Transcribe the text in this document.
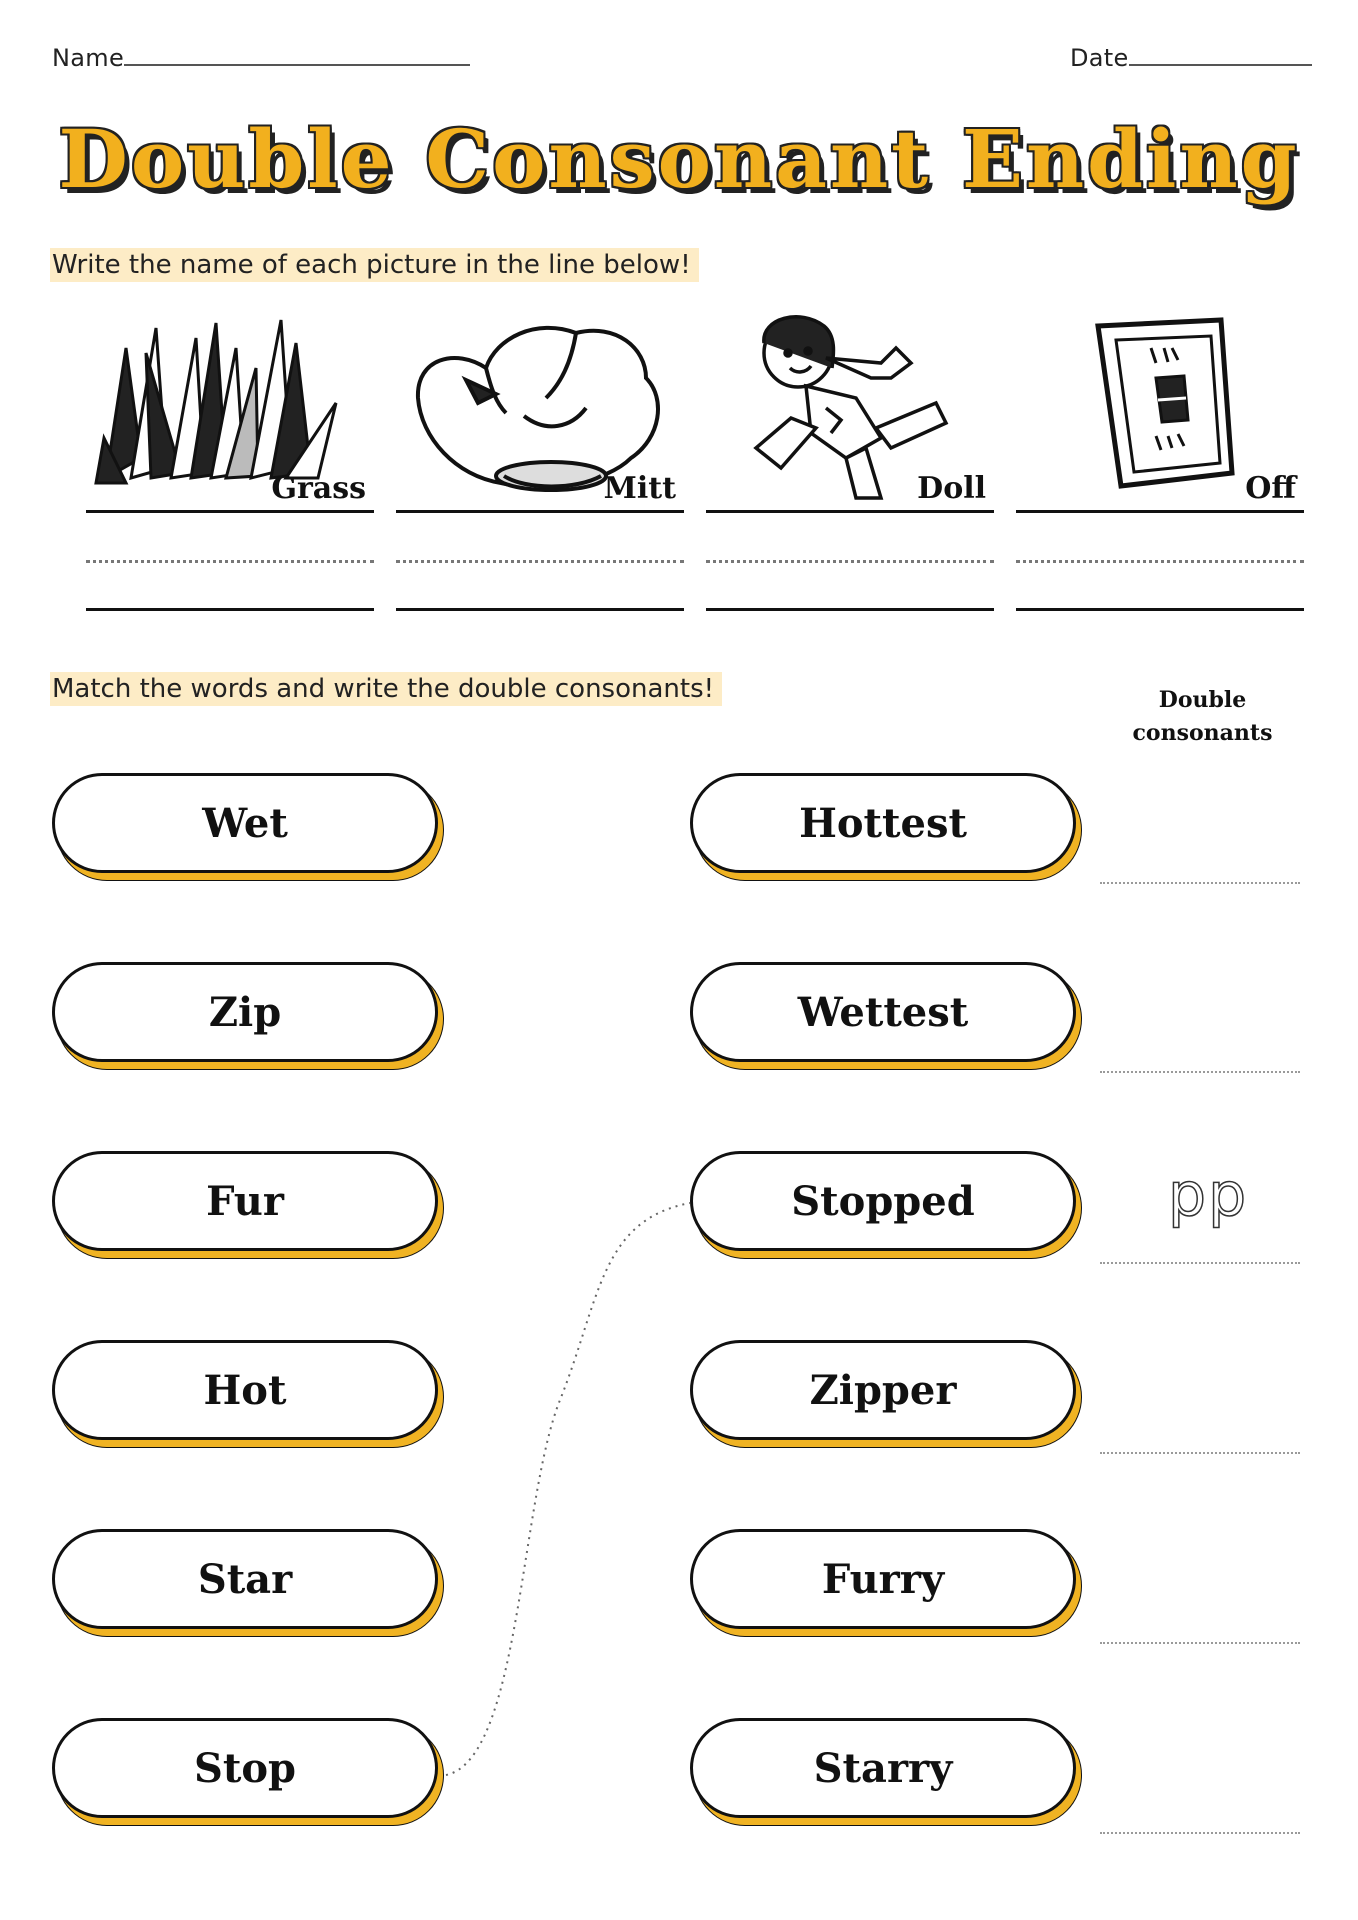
Name	Date
Double Consonant Ending
Write the name of each picture in the line below!
Grass	Mitt	Doll	Off
Match the words and write the double consonants!	Double
consonants
Wet
Zip
Fur
Hot
Star
Stop
Hottest
Wettest
Stopped
Zipper
Furry
Starry
pp
